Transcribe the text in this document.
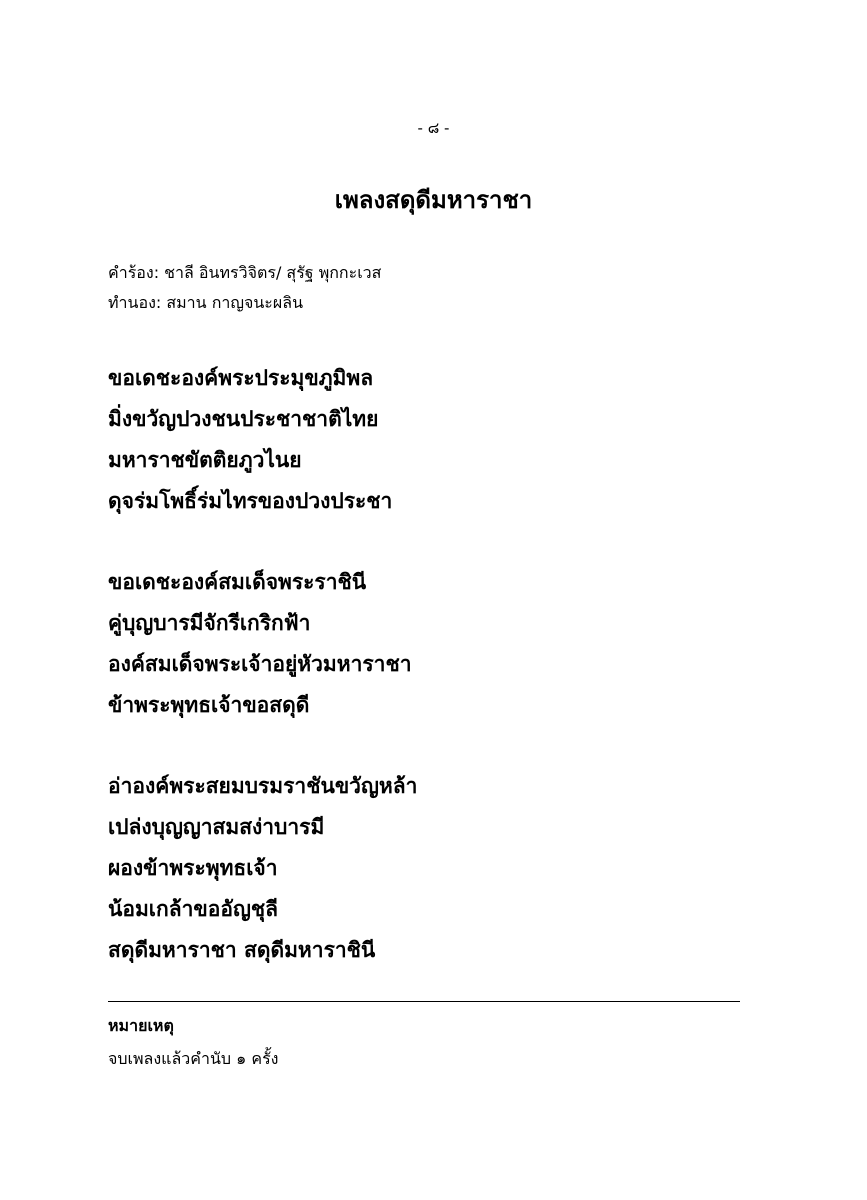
- ๘ -
เพลงสดุดีมหาราชา
คำร้อง: ชาลี อินทรวิจิตร/ สุรัฐ พุกกะเวส
ทำนอง: สมาน กาญจนะผลิน
ขอเดชะองค์พระประมุขภูมิพล
มิ่งขวัญปวงชนประชาชาติไทย
มหาราชขัตติยภูวไนย
ดุจร่มโพธิ์ร่มไทรของปวงประชา
ขอเดชะองค์สมเด็จพระราชินี
คู่บุญบารมีจักรีเกริกฟ้า
องค์สมเด็จพระเจ้าอยู่หัวมหาราชา
ข้าพระพุทธเจ้าขอสดุดี
อ่าองค์พระสยมบรมราชันขวัญหล้า
เปล่งบุญญาสมสง่าบารมี
ผองข้าพระพุทธเจ้า
น้อมเกล้าขออัญชุลี
สดุดีมหาราชา สดุดีมหาราชินี
หมายเหตุ
จบเพลงแล้วคำนับ ๑ ครั้ง
